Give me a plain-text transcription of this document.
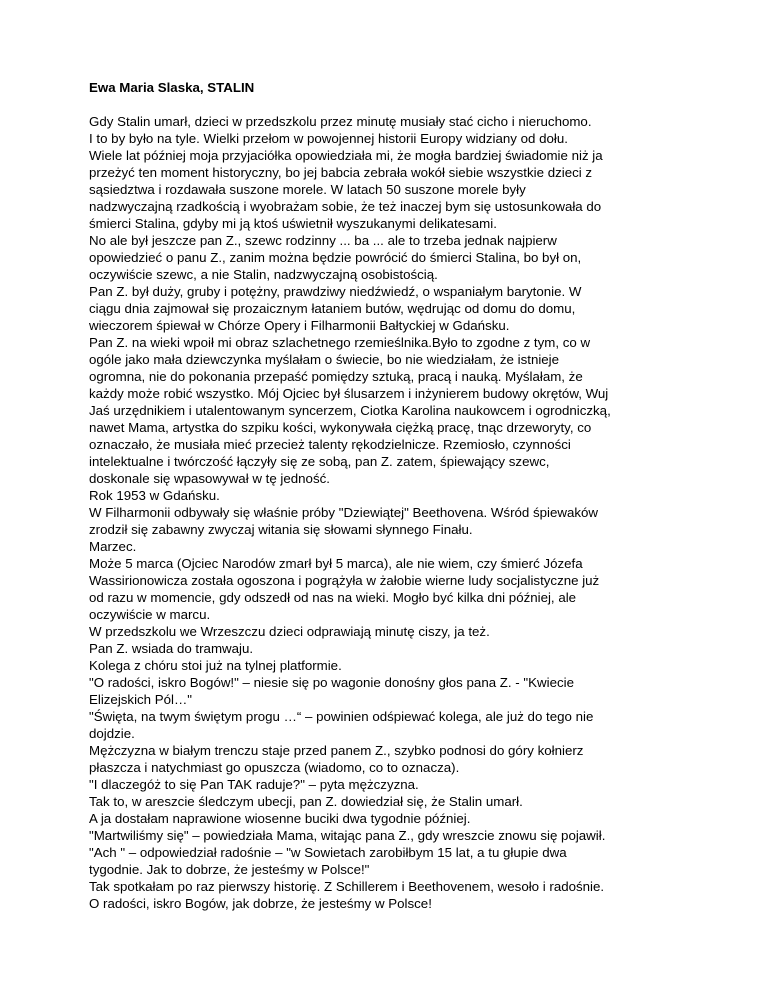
Ewa Maria Slaska, STALIN
Gdy Stalin umarł, dzieci w przedszkolu przez minutę musiały stać cicho i nieruchomo.
I to by było na tyle. Wielki przełom w powojennej historii Europy widziany od dołu.
Wiele lat później moja przyjaciółka opowiedziała mi, że mogła bardziej świadomie niż ja
przeżyć ten moment historyczny, bo jej babcia zebrała wokół siebie wszystkie dzieci z
sąsiedztwa i rozdawała suszone morele. W latach 50 suszone morele były
nadzwyczajną rzadkością i wyobrażam sobie, że też inaczej bym się ustosunkowała do
śmierci Stalina, gdyby mi ją ktoś uświetnił wyszukanymi delikatesami.
No ale był jeszcze pan Z., szewc rodzinny ... ba ... ale to trzeba jednak najpierw
opowiedzieć o panu Z., zanim można będzie powrócić do śmierci Stalina, bo był on,
oczywiście szewc, a nie Stalin, nadzwyczajną osobistością.
Pan Z. był duży, gruby i potężny, prawdziwy niedźwiedź, o wspaniałym barytonie. W
ciągu dnia zajmował się prozaicznym łataniem butów, wędrując od domu do domu,
wieczorem śpiewał w Chórze Opery i Filharmonii Bałtyckiej w Gdańsku.
Pan Z. na wieki wpoił mi obraz szlachetnego rzemieślnika.Było to zgodne z tym, co w
ogóle jako mała dziewczynka myślałam o świecie, bo nie wiedziałam, że istnieje
ogromna, nie do pokonania przepaść pomiędzy sztuką, pracą i nauką. Myślałam, że
każdy może robić wszystko. Mój Ojciec był ślusarzem i inżynierem budowy okrętów, Wuj
Jaś urzędnikiem i utalentowanym syncerzem, Ciotka Karolina naukowcem i ogrodniczką,
nawet Mama, artystka do szpiku kości, wykonywała ciężką pracę, tnąc drzeworyty, co
oznaczało, że musiała mieć przecież talenty rękodzielnicze. Rzemiosło, czynności
intelektualne i twórczość łączyły się ze sobą, pan Z. zatem, śpiewający szewc,
doskonale się wpasowywał w tę jedność.
Rok 1953 w Gdańsku.
W Filharmonii odbywały się właśnie próby "Dziewiątej" Beethovena. Wśród śpiewaków
zrodził się zabawny zwyczaj witania się słowami słynnego Finału.
Marzec.
Może 5 marca (Ojciec Narodów zmarł był 5 marca), ale nie wiem, czy śmierć Józefa
Wassirionowicza została ogoszona i pogrążyła w żałobie wierne ludy socjalistyczne już
od razu w momencie, gdy odszedł od nas na wieki. Mogło być kilka dni później, ale
oczywiście w marcu.
W przedszkolu we Wrzeszczu dzieci odprawiają minutę ciszy, ja też.
Pan Z. wsiada do tramwaju.
Kolega z chóru stoi już na tylnej platformie.
"O radości, iskro Bogów!" – niesie się po wagonie donośny głos pana Z. - "Kwiecie
Elizejskich Pól…"
"Święta, na twym świętym progu …“ – powinien odśpiewać kolega, ale już do tego nie
dojdzie.
Mężczyzna w białym trenczu staje przed panem Z., szybko podnosi do góry kołnierz
płaszcza i natychmiast go opuszcza (wiadomo, co to oznacza).
"I dlaczegóż to się Pan TAK raduje?" – pyta mężczyzna.
Tak to, w areszcie śledczym ubecji, pan Z. dowiedział się, że Stalin umarł.
A ja dostałam naprawione wiosenne buciki dwa tygodnie później.
"Martwiliśmy się" – powiedziała Mama, witając pana Z., gdy wreszcie znowu się pojawił.
"Ach " – odpowiedział radośnie – "w Sowietach zarobiłbym 15 lat, a tu głupie dwa
tygodnie. Jak to dobrze, że jesteśmy w Polsce!"
Tak spotkałam po raz pierwszy historię. Z Schillerem i Beethovenem, wesoło i radośnie.
O radości, iskro Bogów, jak dobrze, że jesteśmy w Polsce!
